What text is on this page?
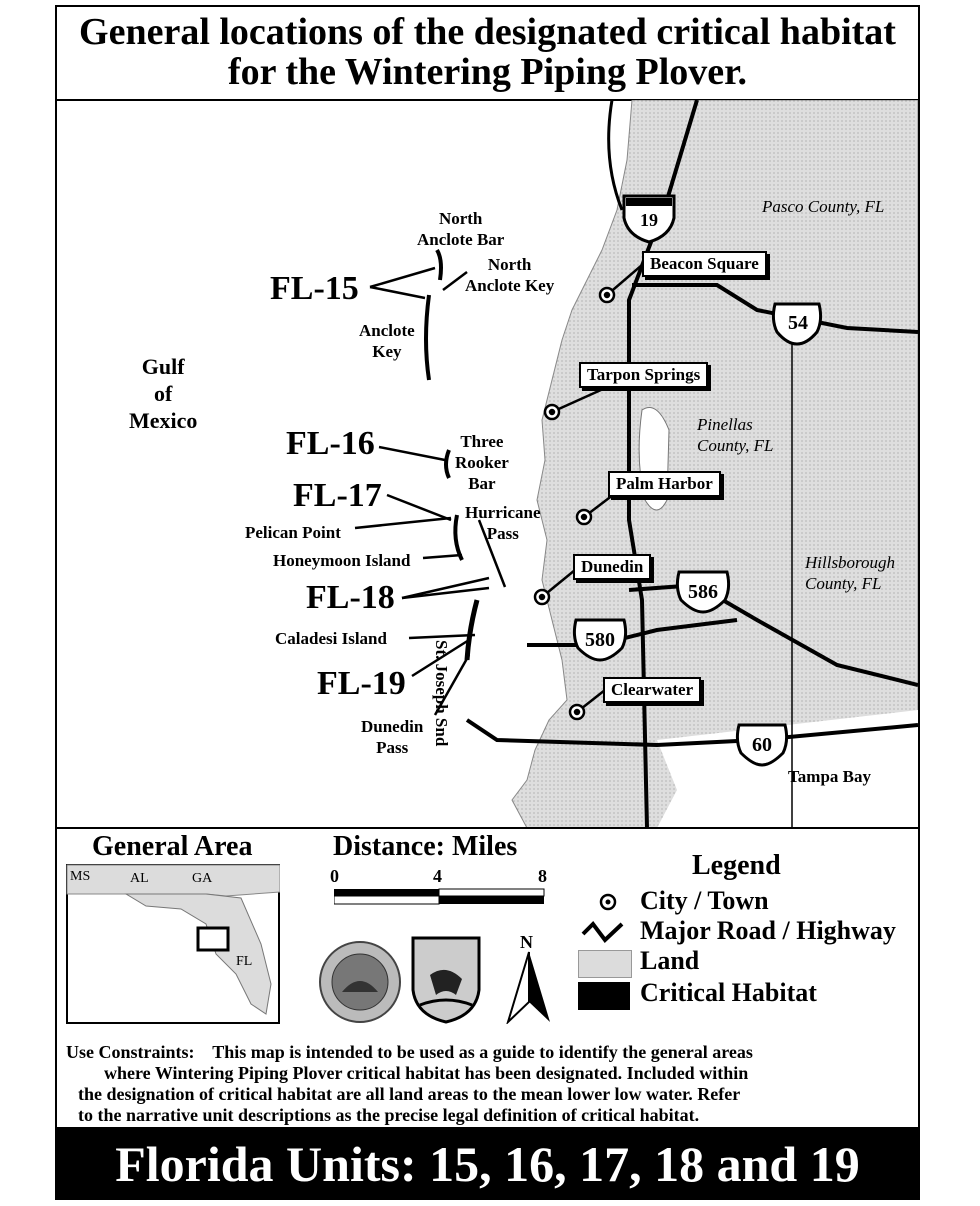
General locations of the designated critical habitat for the Wintering Piping Plover.
Gulf
of
Mexico
FL-15
FL-16
FL-17
FL-18
FL-19
North
Anclote Bar
North
Anclote Key
Anclote
Key
Three
Rooker
Bar
Hurricane
Pass
Pelican Point
Honeymoon Island
Caladesi Island
Dunedin
Pass
St. Joseph Snd
Tampa Bay
Pasco County, FL
Pinellas
County, FL
Hillsborough
County, FL
Beacon Square
Tarpon Springs
Palm Harbor
Dunedin
Clearwater
19
54
586
580
60
General Area
MS	AL	GA
FL
Distance: Miles
0	4	8
N
Legend
City / Town
Major Road / Highway
Land
Critical Habitat
Use Constraints: This map is intended to be used as a guide to identify the general areas
where Wintering Piping Plover critical habitat has been designated. Included within
the designation of critical habitat are all land areas to the mean lower low water. Refer
to the narrative unit descriptions as the precise legal definition of critical habitat.
Florida Units: 15, 16, 17, 18 and 19
